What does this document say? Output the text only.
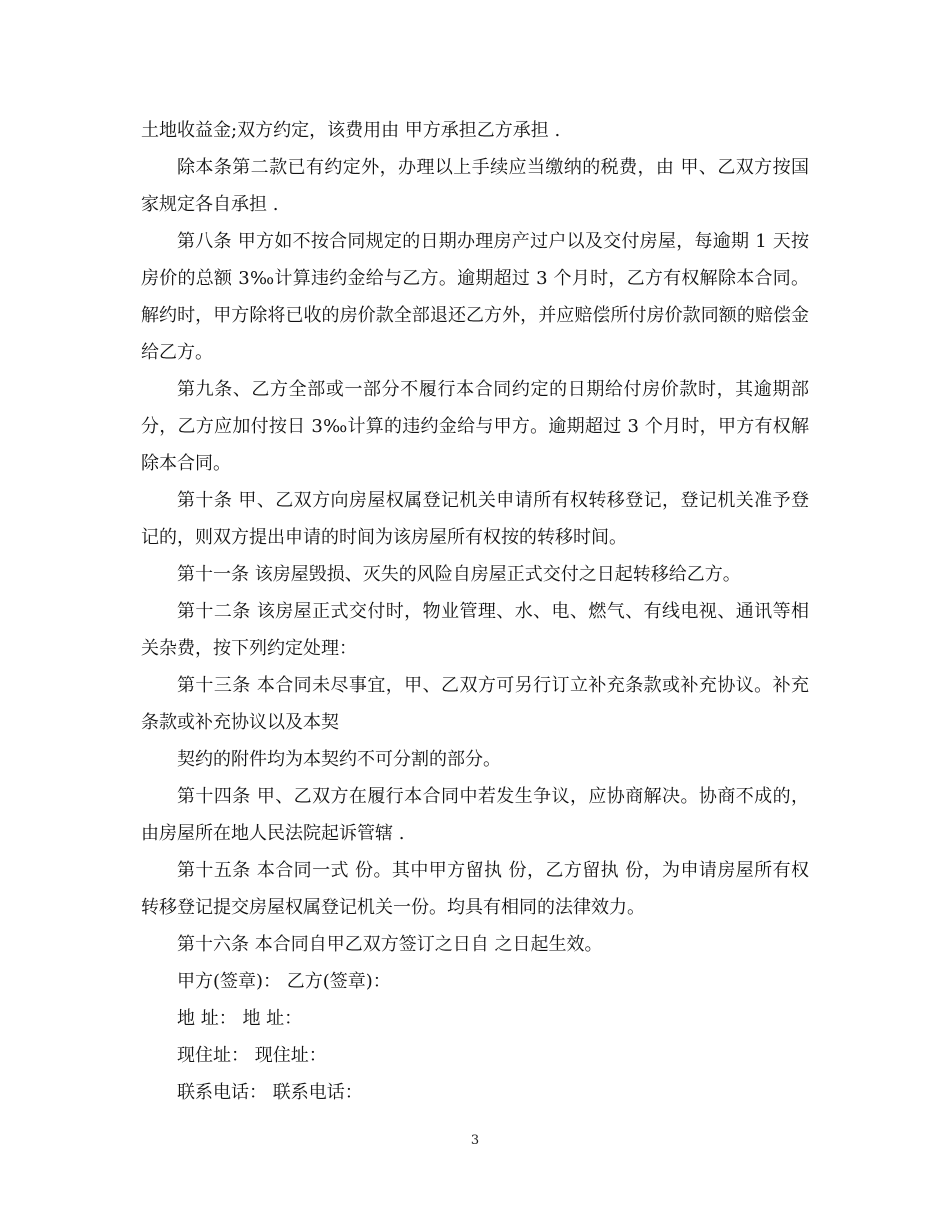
土地收益金;双方约定，该费用由 甲方承担乙方承担 .

除本条第二款已有约定外，办理以上手续应当缴纳的税费，由 甲、乙双方按国家规定各自承担 .

第八条 甲方如不按合同规定的日期办理房产过户以及交付房屋，每逾期 1 天按房价的总额 3‰计算违约金给与乙方。逾期超过 3 个月时，乙方有权解除本合同。解约时，甲方除将已收的房价款全部退还乙方外，并应赔偿所付房价款同额的赔偿金给乙方。

第九条、乙方全部或一部分不履行本合同约定的日期给付房价款时，其逾期部分，乙方应加付按日 3‰计算的违约金给与甲方。逾期超过 3 个月时，甲方有权解除本合同。

第十条 甲、乙双方向房屋权属登记机关申请所有权转移登记，登记机关准予登记的，则双方提出申请的时间为该房屋所有权按的转移时间。

第十一条 该房屋毁损、灭失的风险自房屋正式交付之日起转移给乙方。

第十二条 该房屋正式交付时，物业管理、水、电、燃气、有线电视、通讯等相关杂费，按下列约定处理：

第十三条 本合同未尽事宜，甲、乙双方可另行订立补充条款或补充协议。补充条款或补充协议以及本契

契约的附件均为本契约不可分割的部分。

第十四条 甲、乙双方在履行本合同中若发生争议，应协商解决。协商不成的，由房屋所在地人民法院起诉管辖 .

第十五条 本合同一式 份。其中甲方留执 份，乙方留执 份，为申请房屋所有权转移登记提交房屋权属登记机关一份。均具有相同的法律效力。

第十六条 本合同自甲乙双方签订之日自 之日起生效。

甲方(签章)： 乙方(签章)：

地 址： 地 址：

现住址： 现住址：

联系电话： 联系电话：

3
